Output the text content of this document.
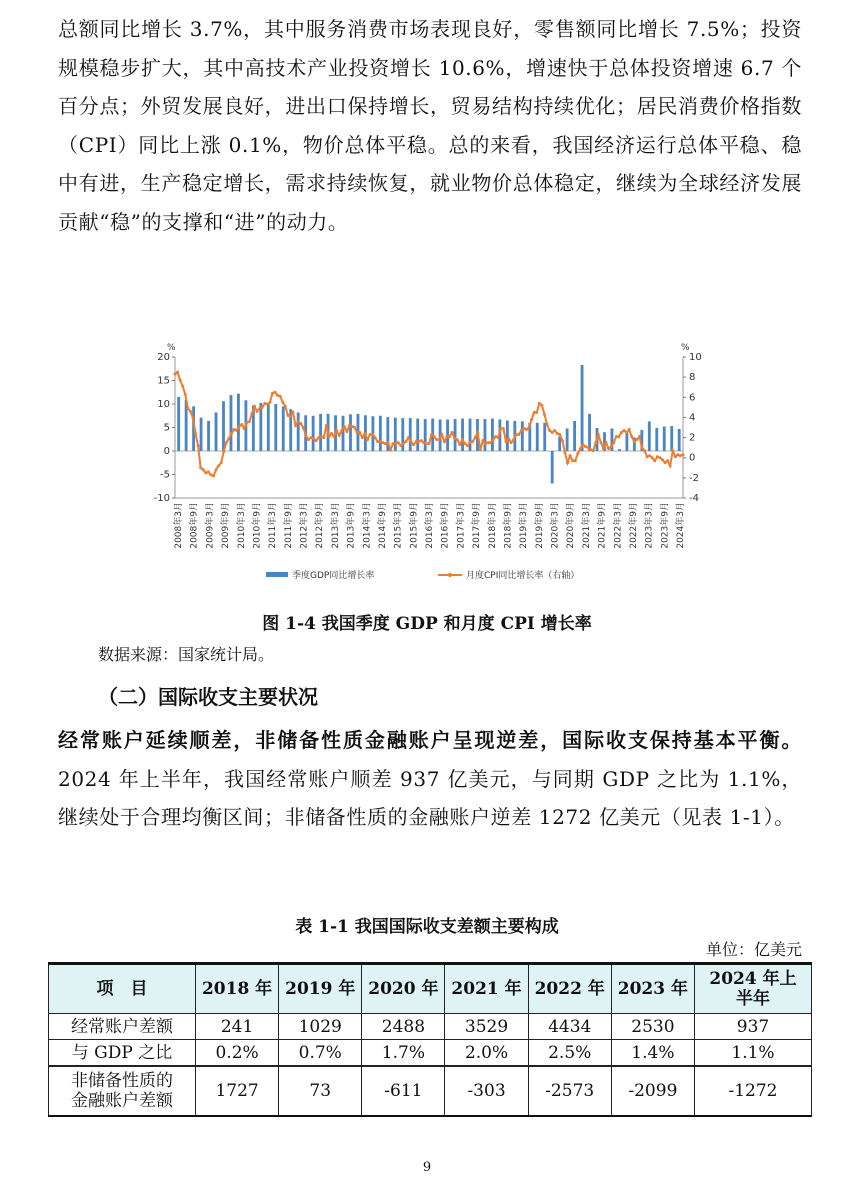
总额同比增长 3.7%，其中服务消费市场表现良好，零售额同比增长 7.5%；投资规模稳步扩大，其中高技术产业投资增长 10.6%，增速快于总体投资增速 6.7 个百分点；外贸发展良好，进出口保持增长，贸易结构持续优化；居民消费价格指数（CPI）同比上涨 0.1%，物价总体平稳。总的来看，我国经济运行总体平稳、稳中有进，生产稳定增长，需求持续恢复，就业物价总体稳定，继续为全球经济发展贡献“稳”的支撑和“进”的动力。

%	%
20
15
10
5
0
-5
-10
10
8
6
4
2
0
-2
-4
2008年3月 2008年9月 2009年3月 2009年9月 2010年3月 2010年9月 2011年3月 2011年9月 2012年3月 2012年9月 2013年3月 2013年9月 2014年3月 2014年9月 2015年3月 2015年9月 2016年3月 2016年9月 2017年3月 2017年9月 2018年3月 2018年9月 2019年3月 2019年9月 2020年3月 2020年9月 2021年3月 2021年9月 2022年3月 2022年9月 2023年3月 2023年9月 2024年3月
季度GDP同比增长率	月度CPI同比增长率（右轴）
图 1-4 我国季度 GDP 和月度 CPI 增长率
数据来源：国家统计局。
（二）国际收支主要状况

经常账户延续顺差，非储备性质金融账户呈现逆差，国际收支保持基本平衡。2024 年上半年，我国经常账户顺差 937 亿美元，与同期 GDP 之比为 1.1%，继续处于合理均衡区间；非储备性质的金融账户逆差 1272 亿美元（见表 1-1）。

表 1-1 我国国际收支差额主要构成
单位：亿美元
项　目	2018 年	2019 年	2020 年	2021 年	2022 年	2023 年	2024 年上半年
经常账户差额	241	1029	2488	3529	4434	2530	937
与 GDP 之比	0.2%	0.7%	1.7%	2.0%	2.5%	1.4%	1.1%
非储备性质的金融账户差额	1727	73	-611	-303	-2573	-2099	-1272
9
